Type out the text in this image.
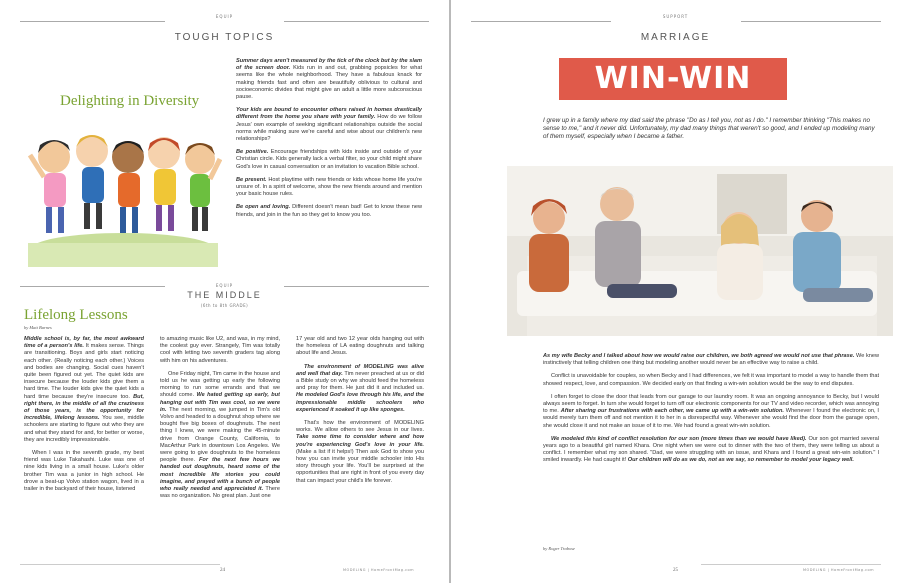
EQUIP
TOUGH TOPICS
Delighting in Diversity

Summer days aren't measured by the tick of the clock but by the slam of the screen door. Kids run in and out, grabbing popsicles for what seems like the whole neighborhood. They have a fabulous knack for making friends fast and often are beautifully oblivious to cultural and socioeconomic divides that might give an adult a little more subconscious pause.

Your kids are bound to encounter others raised in homes drastically different from the home you share with your family. How do we follow Jesus' own example of seeking significant relationships outside the social norms while making sure we're careful and wise about our children's new relationships?

Be positive. Encourage friendships with kids inside and outside of your Christian circle. Kids generally lack a verbal filter, so your child might share God's love in casual conversation or an invitation to vacation Bible school.

Be present. Host playtime with new friends or kids whose home life you're unsure of. In a spirit of welcome, show the new friends around and mention your basic house rules.

Be open and loving. Different doesn't mean bad! Get to know these new friends, and join in the fun so they get to know you too.

EQUIP
THE MIDDLE
(6th to 8th GRADE)
Lifelong Lessons
by Matt Barnes

Middle school is, by far, the most awkward time of a person's life. It makes sense. Things are transitioning. Boys and girls start noticing each other. (Really noticing each other.) Voices and bodies are changing. Social cues haven't quite been figured out yet. The quiet kids are insecure because the louder kids give them a hard time. The louder kids give the quiet kids a hard time because they're insecure too. But, right there, in the middle of all the craziness of those years, is the opportunity for incredible, lifelong lessons. You see, middle schoolers are starting to figure out who they are and what they stand for and, for better or worse, they are incredibly impressionable.

When I was in the seventh grade, my best friend was Luke Takahashi. Luke was one of nine kids living in a small house. Luke's older brother Tim was a junior in high school. He drove a beat-up Volvo station wagon, lived in a trailer in the backyard of their house, listened

to amazing music like U2, and was, in my mind, the coolest guy ever. Strangely, Tim was totally cool with letting two seventh graders tag along with him on his adventures.

One Friday night, Tim came in the house and told us he was getting up early the following morning to run some errands and that we should come. We hated getting up early, but hanging out with Tim was cool, so we were in. The next morning, we jumped in Tim's old Volvo and headed to a doughnut shop where we bought five big boxes of doughnuts. The next thing I knew, we were making the 45-minute drive from Orange County, California, to MacArthur Park in downtown Los Angeles. We were going to give doughnuts to the homeless people there. For the next few hours we handed out doughnuts, heard some of the most incredible life stories you could imagine, and prayed with a bunch of people who really needed and appreciated it. There was no organization. No great plan. Just one

17 year old and two 12 year olds hanging out with the homeless of LA eating doughnuts and talking about life and Jesus.

The environment of MODELING was alive and well that day. Tim never preached at us or did a Bible study on why we should feed the homeless and pray for them. He just did it and included us. He modeled God's love through his life, and the impressionable middle schoolers who experienced it soaked it up like sponges.

That's how the environment of MODELING works. We allow others to see Jesus in our lives. Take some time to consider where and how you're experiencing God's love in your life. (Make a list if it helps!) Then ask God to show you how you can invite your middle schooler into His story through your life. You'll be surprised at the opportunities that are right in front of you every day that can impact your child's life forever.

24	MODELING | HomeFrontMag.com
SUPPORT
MARRIAGE
WIN-WIN
I grew up in a family where my dad said the phrase "Do as I tell you, not as I do." I remember thinking "This makes no sense to me," and it never did. Unfortunately, my dad many things that weren't so good, and I ended up modeling many of them myself, especially when I became a father.

As my wife Becky and I talked about how we would raise our children, we both agreed we would not use that phrase. We knew instinctively that telling children one thing but modeling another would never be an effective way to raise a child.

Conflict is unavoidable for couples, so when Becky and I had differences, we felt it was important to model a way to handle them that showed respect, love, and compassion. We decided early on that finding a win-win solution would be the way to end disputes.

I often forget to close the door that leads from our garage to our laundry room. It was an ongoing annoyance to Becky, but I would always seem to forget. In turn she would forget to turn off our electronic components for our TV and video recorder, which was annoying to me. After sharing our frustrations with each other, we came up with a win-win solution. Whenever I found the electronic on, I would merely turn them off and not mention it to her in a disrespectful way. Whenever she would find the door from the garage open, she would close it and not make an issue of it to me. We had found a great win-win solution.

We modeled this kind of conflict resolution for our son (more times than we would have liked). Our son got married several years ago to a beautiful girl named Khara. One night when we were out to dinner with the two of them, they were telling us about a conflict. I remember what my son shared. "Dad, we were struggling with an issue, and Khara and I found a great win-win solution." I smiled inwardly. He had caught it! Our children will do as we do, not as we say, so remember to model your legacy well.

by Roger Trabose
25	MODELING | HomeFrontMag.com
